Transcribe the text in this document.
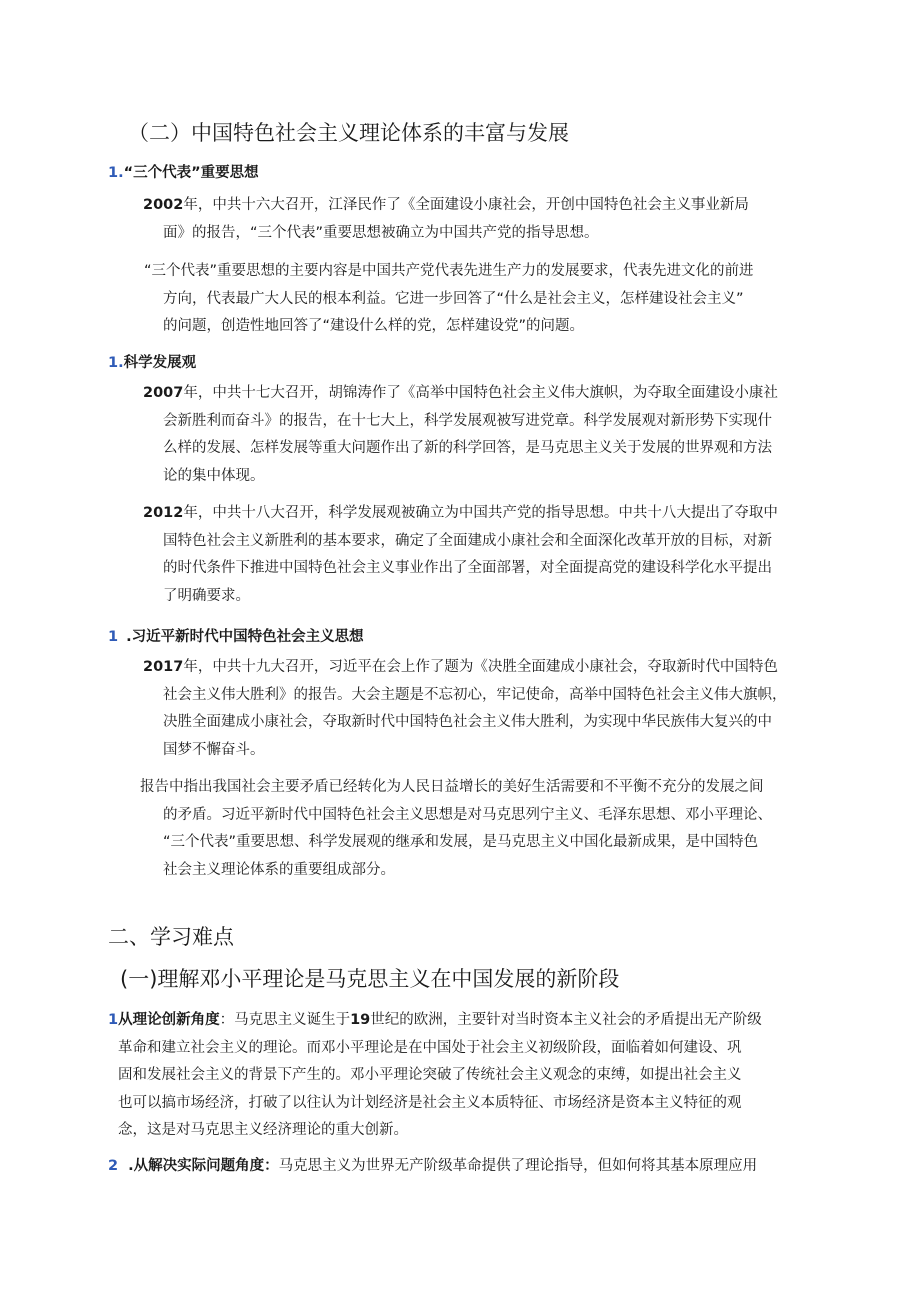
（二）中国特色社会主义理论体系的丰富与发展
1.“三个代表”重要思想
2002年，中共十六大召开，江泽民作了《全面建设小康社会，开创中国特色社会主义事业新局
面》的报告，“三个代表”重要思想被确立为中国共产党的指导思想。
“三个代表”重要思想的主要内容是中国共产党代表先进生产力的发展要求，代表先进文化的前进
方向，代表最广大人民的根本利益。它进一步回答了“什么是社会主义，怎样建设社会主义”
的问题，创造性地回答了“建设什么样的党，怎样建设党”的问题。
1.科学发展观
2007年，中共十七大召开，胡锦涛作了《高举中国特色社会主义伟大旗帜，为夺取全面建设小康社
会新胜利而奋斗》的报告，在十七大上，科学发展观被写进党章。科学发展观对新形势下实现什
么样的发展、怎样发展等重大问题作出了新的科学回答，是马克思主义关于发展的世界观和方法
论的集中体现。
2012年，中共十八大召开，科学发展观被确立为中国共产党的指导思想。中共十八大提出了夺取中
国特色社会主义新胜利的基本要求，确定了全面建成小康社会和全面深化改革开放的目标，对新
的时代条件下推进中国特色社会主义事业作出了全面部署，对全面提高党的建设科学化水平提出
了明确要求。
1 .习近平新时代中国特色社会主义思想
2017年，中共十九大召开，习近平在会上作了题为《决胜全面建成小康社会，夺取新时代中国特色
社会主义伟大胜利》的报告。大会主题是不忘初心，牢记使命，高举中国特色社会主义伟大旗帜，
决胜全面建成小康社会，夺取新时代中国特色社会主义伟大胜利，为实现中华民族伟大复兴的中
国梦不懈奋斗。
报告中指出我国社会主要矛盾已经转化为人民日益增长的美好生活需要和不平衡不充分的发展之间
的矛盾。习近平新时代中国特色社会主义思想是对马克思列宁主义、毛泽东思想、邓小平理论、
“三个代表”重要思想、科学发展观的继承和发展，是马克思主义中国化最新成果，是中国特色
社会主义理论体系的重要组成部分。
二、学习难点
(一)理解邓小平理论是马克思主义在中国发展的新阶段
1从理论创新角度：马克思主义诞生于19世纪的欧洲，主要针对当时资本主义社会的矛盾提出无产阶级
革命和建立社会主义的理论。而邓小平理论是在中国处于社会主义初级阶段，面临着如何建设、巩
固和发展社会主义的背景下产生的。邓小平理论突破了传统社会主义观念的束缚，如提出社会主义
也可以搞市场经济，打破了以往认为计划经济是社会主义本质特征、市场经济是资本主义特征的观
念，这是对马克思主义经济理论的重大创新。
2 .从解决实际问题角度：马克思主义为世界无产阶级革命提供了理论指导，但如何将其基本原理应用
